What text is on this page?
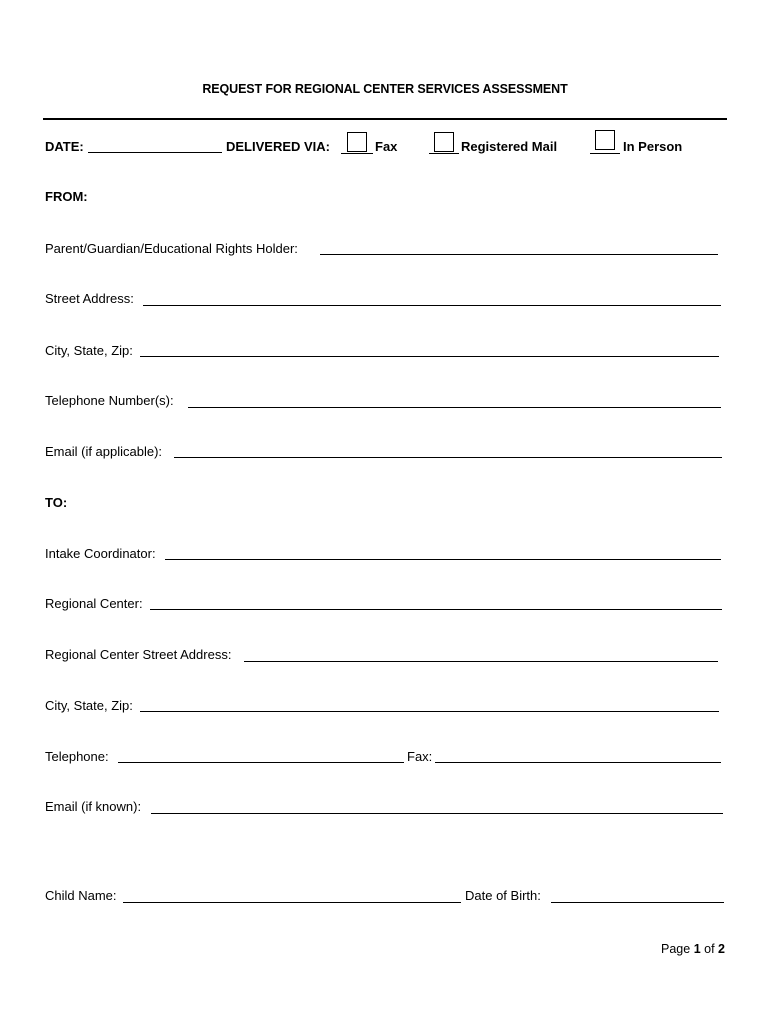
REQUEST FOR REGIONAL CENTER SERVICES ASSESSMENT
DATE:	DELIVERED VIA:	Fax	Registered Mail	In Person
FROM:
Parent/Guardian/Educational Rights Holder:
Street Address:
City, State, Zip:
Telephone Number(s):
Email (if applicable):
TO:
Intake Coordinator:
Regional Center:
Regional Center Street Address:
City, State, Zip:
Telephone:	Fax:
Email (if known):
Child Name:	Date of Birth:
Page 1 of 2
